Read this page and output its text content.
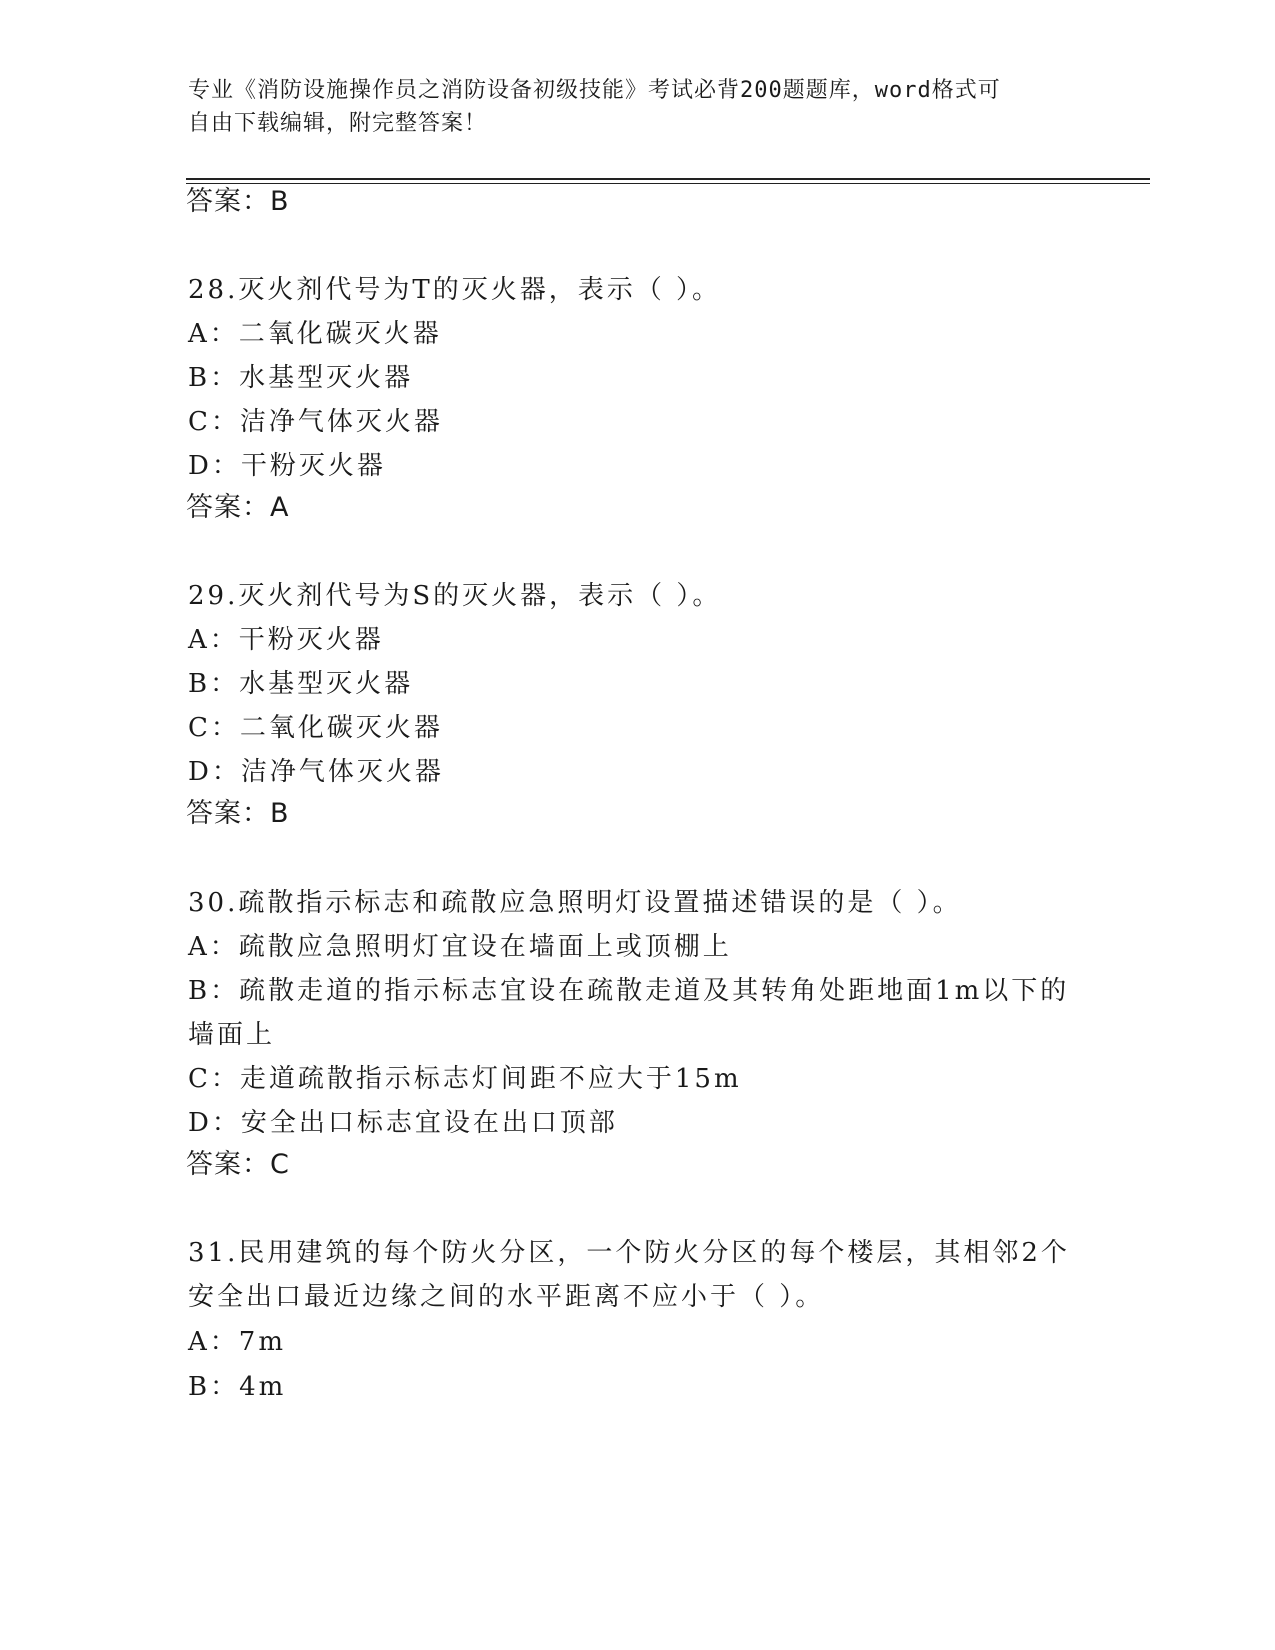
专业《消防设施操作员之消防设备初级技能》考试必背200题题库，word格式可
自由下载编辑，附完整答案！
答案：B
28.灭火剂代号为T的灭火器，表示（ ）。
A：二氧化碳灭火器
B：水基型灭火器
C：洁净气体灭火器
D：干粉灭火器
答案：A
29.灭火剂代号为S的灭火器，表示（ ）。
A：干粉灭火器
B：水基型灭火器
C：二氧化碳灭火器
D：洁净气体灭火器
答案：B
30.疏散指示标志和疏散应急照明灯设置描述错误的是（ ）。
A：疏散应急照明灯宜设在墙面上或顶棚上
B：疏散走道的指示标志宜设在疏散走道及其转角处距地面1m以下的
墙面上
C：走道疏散指示标志灯间距不应大于15m
D：安全出口标志宜设在出口顶部
答案：C
31.民用建筑的每个防火分区，一个防火分区的每个楼层，其相邻2个
安全出口最近边缘之间的水平距离不应小于（ ）。
A：7m
B：4m
